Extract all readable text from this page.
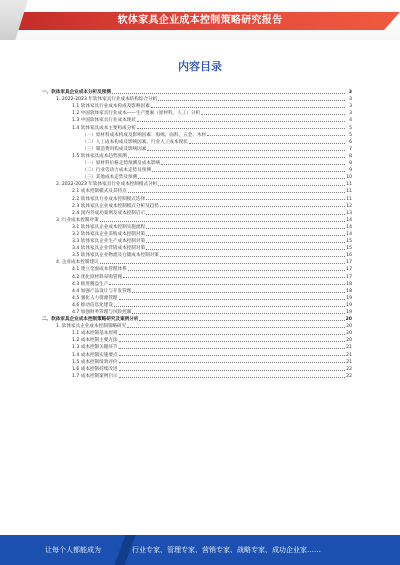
软体家具企业成本控制策略研究报告
内容目录
一、软体家具企业成本分析及预测	3
1. 2022-2023 年软体家具行业成本结构综合分析	3
1.1 软体家具行业成本构成及影响因素	3
1.2 中国软体家具行业成本——生产要素（原材料、人工）分析	3
1.3 中国软体家具行业成本现状	4
1.4 软体家具成本主要构成分析	5
（一）原材料成本构成及影响因素：海绵、面料、五金、木材	5
（二）人工成本构成及影响因素、行业人工成本现状	6
（三）制造费用构成及影响因素	7
1.5 软体家具成本趋势预测	8
（一）原材料价格走势预测及成本影响	8
（二）行业劳动力成本走势及预测	9
（三）其他成本走势及预测	10
2. 2022-2023 年软体家具行业成本控制模式分析	11
2.1 成本控制模式及其特点	11
2.2 软体家具行业成本控制模式选择	11
2.3 软体家具企业成本控制模式分析及趋势	12
2.4 国内外成功案例及成本控制启示	13
3. 行业成本控制对策	14
3.1 软体家具企业成本控制实施流程	14
3.2 软体家具企业采购成本控制对策	14
3.3 软体家具企业生产成本控制对策	15
3.4 软体家具企业营销成本控制对策	15
3.5 软体家具企业物流及仓储成本控制对策	16
4. 企业成本控制建议	17
4.1 建立全面成本管理体系	17
4.2 优化原材料采购管理	17
4.3 推进精益生产	18
4.4 加强产品设计与开发管理	18
4.5 强化人力资源管理	19
4.6 推动信息化建设	19
4.7 加强财务管理与风险控制	19
二、软体家具企业成本控制策略研究及案例分析	20
1. 软体家具企业成本控制策略研究	20
1.1 成本控制基本原则	20
1.2 成本控制主要方法	20
1.3 成本控制关键环节	21
1.4 成本控制实施要点	21
1.5 成本控制绩效评价	21
1.6 成本控制持续改进	22
1.7 成本控制案例启示	22
让每个人都能成为	行业专家、管理专家、营销专家、战略专家、成功企业家……
